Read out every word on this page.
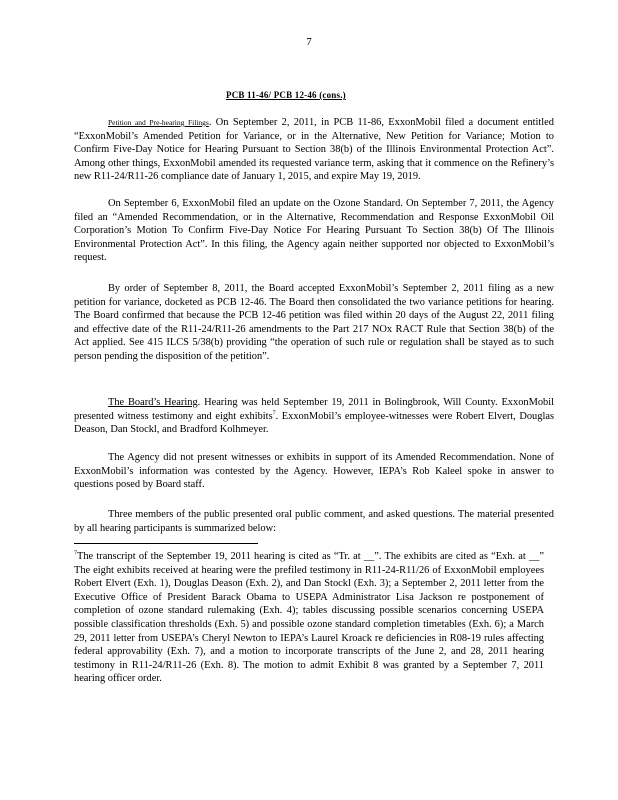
7
PCB 11-46/ PCB 12-46 (cons.)

Petition and Pre-hearing Filings. On September 2, 2011, in PCB 11-86, ExxonMobil filed a document entitled “ExxonMobil’s Amended Petition for Variance, or in the Alternative, New Petition for Variance; Motion to Confirm Five-Day Notice for Hearing Pursuant to Section 38(b) of the Illinois Environmental Protection Act”. Among other things, ExxonMobil amended its requested variance term, asking that it commence on the Refinery’s new R11-24/R11-26 compliance date of January 1, 2015, and expire May 19, 2019.

On September 6, ExxonMobil filed an update on the Ozone Standard. On September 7, 2011, the Agency filed an “Amended Recommendation, or in the Alternative, Recommendation and Response ExxonMobil Oil Corporation’s Motion To Confirm Five-Day Notice For Hearing Pursuant To Section 38(b) Of The Illinois Environmental Protection Act”. In this filing, the Agency again neither supported nor objected to ExxonMobil’s request.

By order of September 8, 2011, the Board accepted ExxonMobil’s September 2, 2011 filing as a new petition for variance, docketed as PCB 12-46. The Board then consolidated the two variance petitions for hearing. The Board confirmed that because the PCB 12-46 petition was filed within 20 days of the August 22, 2011 filing and effective date of the R11-24/R11-26 amendments to the Part 217 NOx RACT Rule that Section 38(b) of the Act applied. See 415 ILCS 5/38(b) providing “the operation of such rule or regulation shall be stayed as to such person pending the disposition of the petition”.

The Board’s Hearing. Hearing was held September 19, 2011 in Bolingbrook, Will County. ExxonMobil presented witness testimony and eight exhibits$^7$. ExxonMobil’s employee-witnesses were Robert Elvert, Douglas Deason, Dan Stockl, and Bradford Kolhmeyer.

The Agency did not present witnesses or exhibits in support of its Amended Recommendation. None of ExxonMobil’s information was contested by the Agency. However, IEPA’s Rob Kaleel spoke in answer to questions posed by Board staff.

Three members of the public presented oral public comment, and asked questions. The material presented by all hearing participants is summarized below:

$^7$The transcript of the September 19, 2011 hearing is cited as “Tr. at __”. The exhibits are cited as “Exh. at __” The eight exhibits received at hearing were the prefiled testimony in R11-24-R11/26 of ExxonMobil employees Robert Elvert (Exh. 1), Douglas Deason (Exh. 2), and Dan Stockl (Exh. 3); a September 2, 2011 letter from the Executive Office of President Barack Obama to USEPA Administrator Lisa Jackson re postponement of completion of ozone standard rulemaking (Exh. 4); tables discussing possible scenarios concerning USEPA possible classification thresholds (Exh. 5) and possible ozone standard completion timetables (Exh. 6); a March 29, 2011 letter from USEPA’s Cheryl Newton to IEPA’s Laurel Kroack re deficiencies in R08-19 rules affecting federal approvability (Exh. 7), and a motion to incorporate transcripts of the June 2, and 28, 2011 hearing testimony in R11-24/R11-26 (Exh. 8). The motion to admit Exhibit 8 was granted by a September 7, 2011 hearing officer order.
